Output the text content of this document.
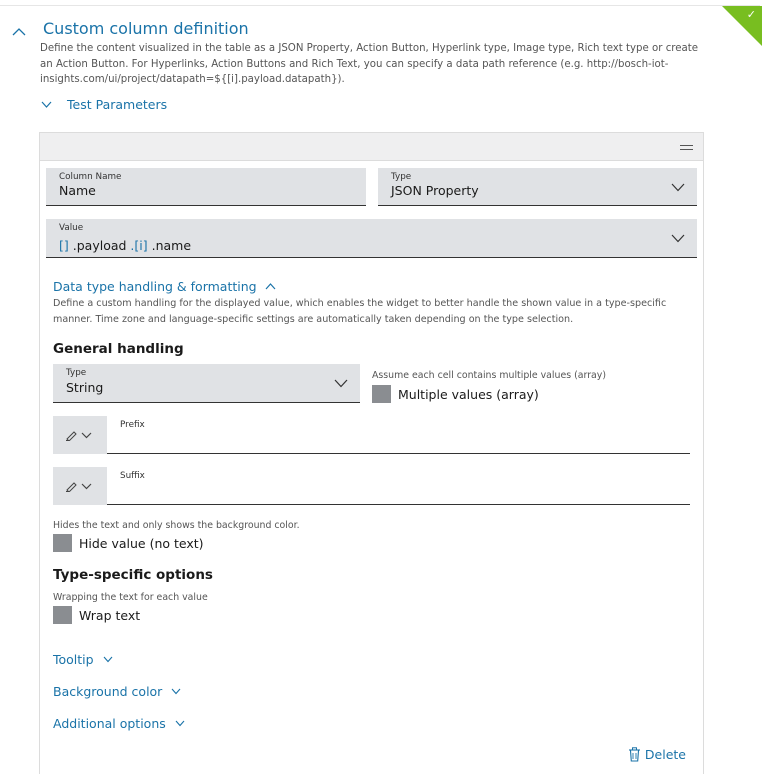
✓
Custom column definition
Define the content visualized in the table as a JSON Property, Action Button, Hyperlink type, Image type, Rich text type or create an Action Button. For Hyperlinks, Action Buttons and Rich Text, you can specify a data path reference (e.g. http://bosch-iot-insights.com/ui/project/datapath=${[i].payload.datapath}).
Test Parameters
Column Name
Name
Type
JSON Property
Value
[] .payload .[i] .name
Data type handling & formatting
Define a custom handling for the displayed value, which enables the widget to better handle the shown value in a type-specific manner. Time zone and language-specific settings are automatically taken depending on the type selection.
General handling
Type
String
Assume each cell contains multiple values (array)
Multiple values (array)
Prefix
Suffix
Hides the text and only shows the background color.
Hide value (no text)
Type-specific options
Wrapping the text for each value
Wrap text
Tooltip
Background color
Additional options
Delete
